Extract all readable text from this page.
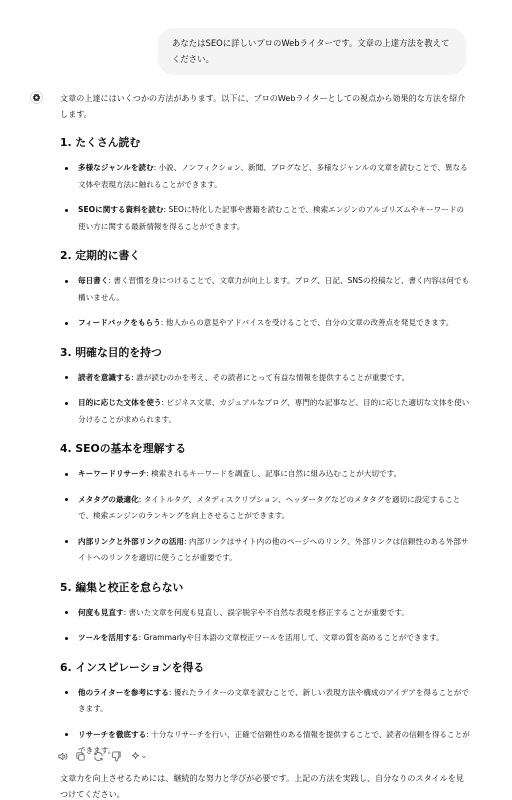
あなたはSEOに詳しいプロのWebライターです。文章の上達方法を教えてください。

文章の上達にはいくつかの方法があります。以下に、プロのWebライターとしての視点から効果的な方法を紹介します。

1. たくさん読む
多様なジャンルを読む: 小説、ノンフィクション、新聞、ブログなど、多様なジャンルの文章を読むことで、異なる文体や表現方法に触れることができます。
SEOに関する資料を読む: SEOに特化した記事や書籍を読むことで、検索エンジンのアルゴリズムやキーワードの使い方に関する最新情報を得ることができます。
2. 定期的に書く
毎日書く: 書く習慣を身につけることで、文章力が向上します。ブログ、日記、SNSの投稿など、書く内容は何でも構いません。
フィードバックをもらう: 他人からの意見やアドバイスを受けることで、自分の文章の改善点を発見できます。
3. 明確な目的を持つ
読者を意識する: 誰が読むのかを考え、その読者にとって有益な情報を提供することが重要です。
目的に応じた文体を使う: ビジネス文章、カジュアルなブログ、専門的な記事など、目的に応じた適切な文体を使い分けることが求められます。
4. SEOの基本を理解する
キーワードリサーチ: 検索されるキーワードを調査し、記事に自然に組み込むことが大切です。
メタタグの最適化: タイトルタグ、メタディスクリプション、ヘッダータグなどのメタタグを適切に設定することで、検索エンジンのランキングを向上させることができます。
内部リンクと外部リンクの活用: 内部リンクはサイト内の他のページへのリンク、外部リンクは信頼性のある外部サイトへのリンクを適切に使うことが重要です。
5. 編集と校正を怠らない
何度も見直す: 書いた文章を何度も見直し、誤字脱字や不自然な表現を修正することが重要です。
ツールを活用する: Grammarlyや日本語の文章校正ツールを活用して、文章の質を高めることができます。
6. インスピレーションを得る
他のライターを参考にする: 優れたライターの文章を読むことで、新しい表現方法や構成のアイデアを得ることができます。
リサーチを徹底する: 十分なリサーチを行い、正確で信頼性のある情報を提供することで、読者の信頼を得ることができます。

文章力を向上させるためには、継続的な努力と学びが必要です。上記の方法を実践し、自分なりのスタイルを見つけてください。
